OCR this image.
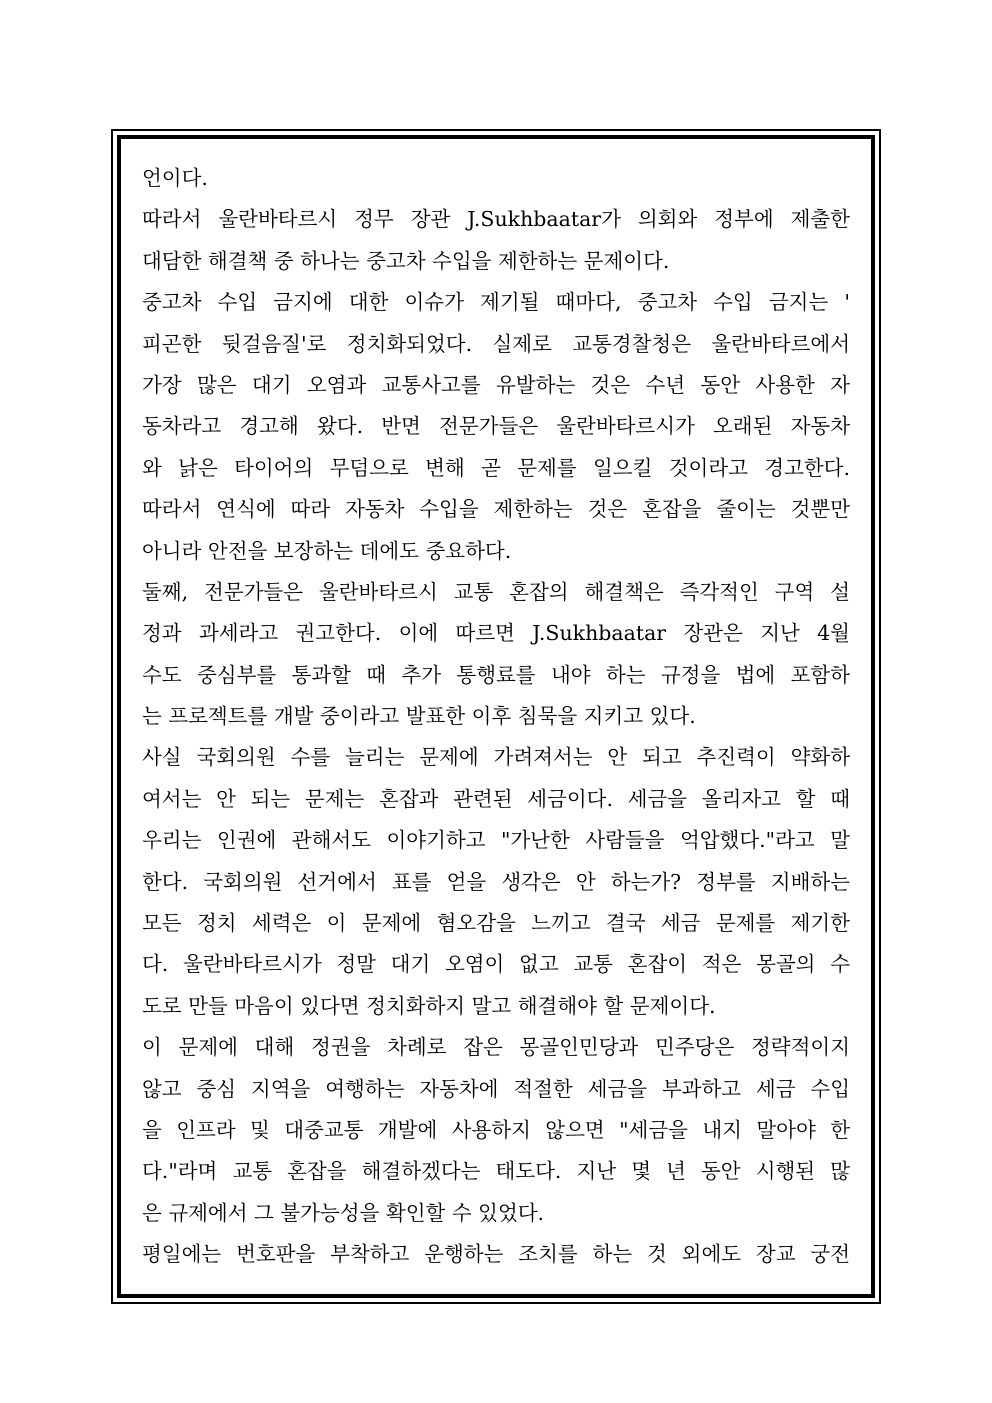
언이다.
따라서 울란바타르시 정무 장관 J.Sukhbaatar가 의회와 정부에 제출한
대담한 해결책 중 하나는 중고차 수입을 제한하는 문제이다.
중고차 수입 금지에 대한 이슈가 제기될 때마다, 중고차 수입 금지는 '
피곤한 뒷걸음질'로 정치화되었다. 실제로 교통경찰청은 울란바타르에서
가장 많은 대기 오염과 교통사고를 유발하는 것은 수년 동안 사용한 자
동차라고 경고해 왔다. 반면 전문가들은 울란바타르시가 오래된 자동차
와 낡은 타이어의 무덤으로 변해 곧 문제를 일으킬 것이라고 경고한다.
따라서 연식에 따라 자동차 수입을 제한하는 것은 혼잡을 줄이는 것뿐만
아니라 안전을 보장하는 데에도 중요하다.
둘째, 전문가들은 울란바타르시 교통 혼잡의 해결책은 즉각적인 구역 설
정과 과세라고 권고한다. 이에 따르면 J.Sukhbaatar 장관은 지난 4월
수도 중심부를 통과할 때 추가 통행료를 내야 하는 규정을 법에 포함하
는 프로젝트를 개발 중이라고 발표한 이후 침묵을 지키고 있다.
사실 국회의원 수를 늘리는 문제에 가려져서는 안 되고 추진력이 약화하
여서는 안 되는 문제는 혼잡과 관련된 세금이다. 세금을 올리자고 할 때
우리는 인권에 관해서도 이야기하고 "가난한 사람들을 억압했다."라고 말
한다. 국회의원 선거에서 표를 얻을 생각은 안 하는가? 정부를 지배하는
모든 정치 세력은 이 문제에 혐오감을 느끼고 결국 세금 문제를 제기한
다. 울란바타르시가 정말 대기 오염이 없고 교통 혼잡이 적은 몽골의 수
도로 만들 마음이 있다면 정치화하지 말고 해결해야 할 문제이다.
이 문제에 대해 정권을 차례로 잡은 몽골인민당과 민주당은 정략적이지
않고 중심 지역을 여행하는 자동차에 적절한 세금을 부과하고 세금 수입
을 인프라 및 대중교통 개발에 사용하지 않으면 "세금을 내지 말아야 한
다."라며 교통 혼잡을 해결하겠다는 태도다. 지난 몇 년 동안 시행된 많
은 규제에서 그 불가능성을 확인할 수 있었다.
평일에는 번호판을 부착하고 운행하는 조치를 하는 것 외에도 장교 궁전
